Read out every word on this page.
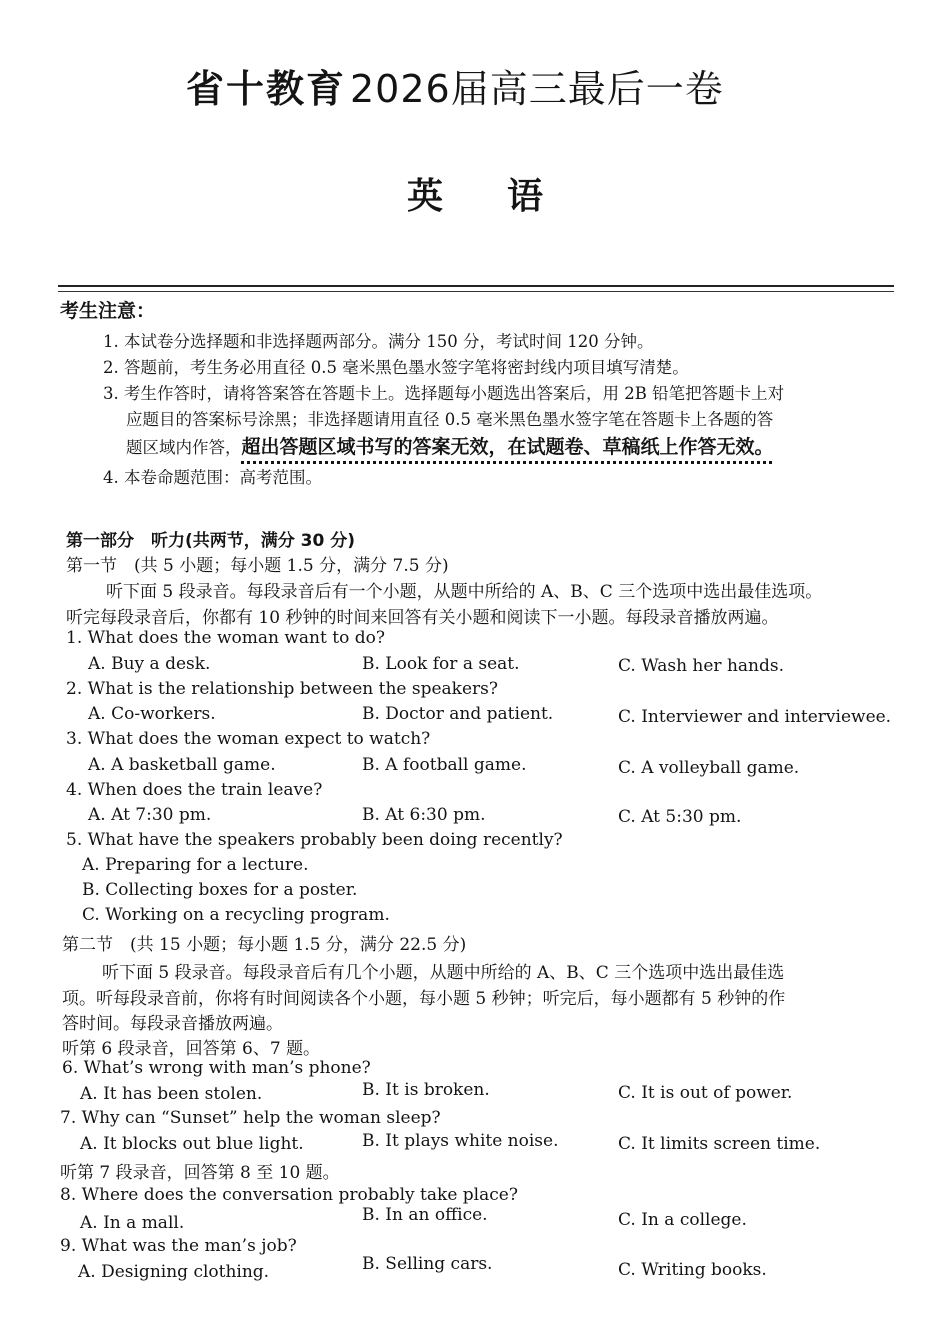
省十教育 2026届高三最后一卷
英语
考生注意：
1. 本试卷分选择题和非选择题两部分。满分 150 分，考试时间 120 分钟。
2. 答题前，考生务必用直径 0.5 毫米黑色墨水签字笔将密封线内项目填写清楚。
3. 考生作答时，请将答案答在答题卡上。选择题每小题选出答案后，用 2B 铅笔把答题卡上对
应题目的答案标号涂黑；非选择题请用直径 0.5 毫米黑色墨水签字笔在答题卡上各题的答
题区域内作答，超出答题区域书写的答案无效，在试题卷、草稿纸上作答无效。
4. 本卷命题范围：高考范围。
第一部分　听力(共两节，满分 30 分)
第一节　(共 5 小题；每小题 1.5 分，满分 7.5 分)
听下面 5 段录音。每段录音后有一个小题，从题中所给的 A、B、C 三个选项中选出最佳选项。
听完每段录音后，你都有 10 秒钟的时间来回答有关小题和阅读下一小题。每段录音播放两遍。
1. What does the woman want to do?
A. Buy a desk.	B. Look for a seat.	C. Wash her hands.
2. What is the relationship between the speakers?
A. Co-workers.	B. Doctor and patient.	C. Interviewer and interviewee.
3. What does the woman expect to watch?
A. A basketball game.	B. A football game.	C. A volleyball game.
4. When does the train leave?
A. At 7:30 pm.	B. At 6:30 pm.	C. At 5:30 pm.
5. What have the speakers probably been doing recently?
A. Preparing for a lecture.
B. Collecting boxes for a poster.
C. Working on a recycling program.
第二节　(共 15 小题；每小题 1.5 分，满分 22.5 分)
听下面 5 段录音。每段录音后有几个小题，从题中所给的 A、B、C 三个选项中选出最佳选
项。听每段录音前，你将有时间阅读各个小题，每小题 5 秒钟；听完后，每小题都有 5 秒钟的作
答时间。每段录音播放两遍。
听第 6 段录音，回答第 6、7 题。
6. What’s wrong with man’s phone?
A. It has been stolen.	B. It is broken.	C. It is out of power.
7. Why can “Sunset” help the woman sleep?
A. It blocks out blue light.	B. It plays white noise.	C. It limits screen time.
听第 7 段录音，回答第 8 至 10 题。
8. Where does the conversation probably take place?
A. In a mall.	B. In an office.	C. In a college.
9. What was the man’s job?
A. Designing clothing.	B. Selling cars.	C. Writing books.
